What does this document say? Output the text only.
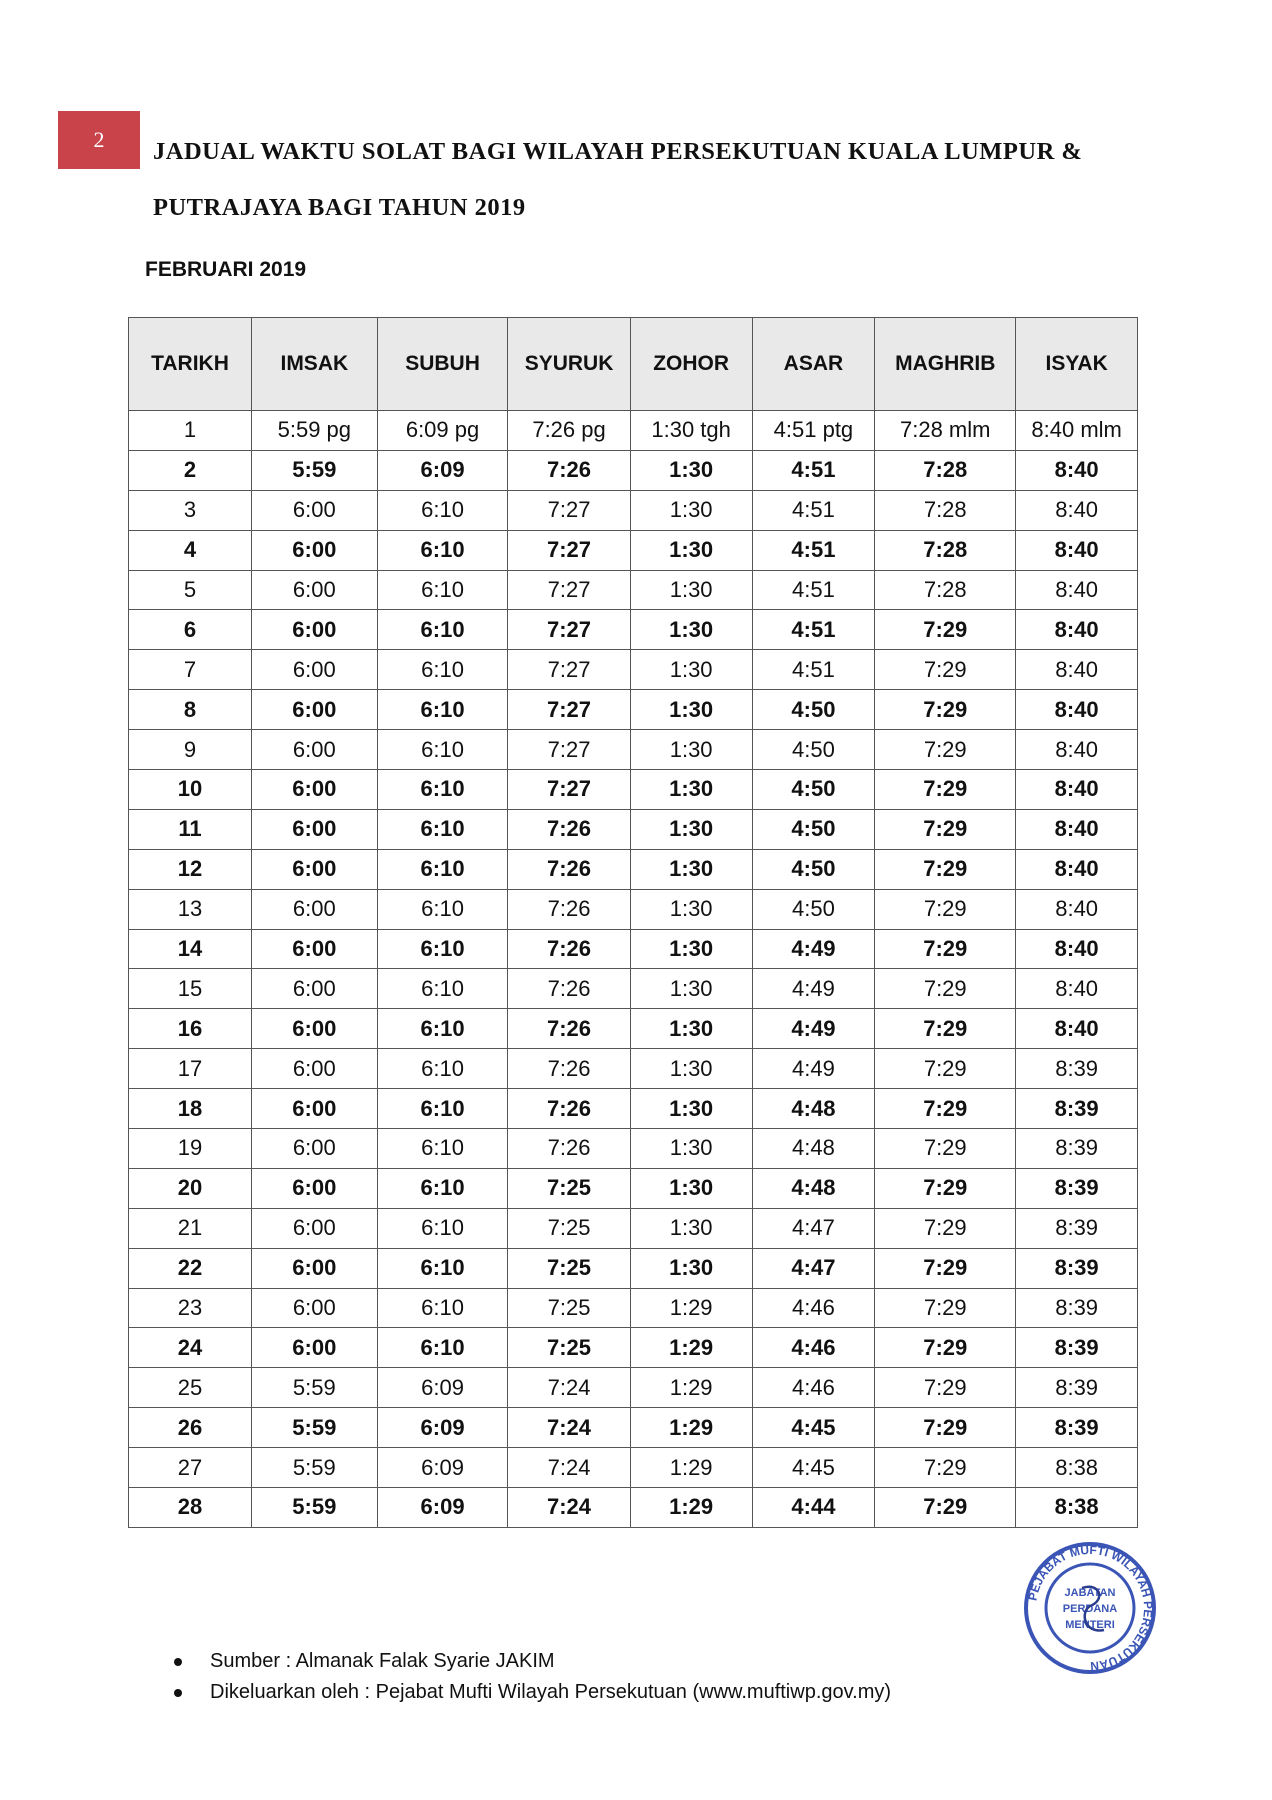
2	JADUAL WAKTU SOLAT BAGI WILAYAH PERSEKUTUAN KUALA LUMPUR & PUTRAJAYA BAGI TAHUN 2019
FEBRUARI 2019
TARIKH	IMSAK	SUBUH	SYURUK	ZOHOR	ASAR	MAGHRIB	ISYAK
1	5:59 pg	6:09 pg	7:26 pg	1:30 tgh	4:51 ptg	7:28 mlm	8:40 mlm
2	5:59	6:09	7:26	1:30	4:51	7:28	8:40
3	6:00	6:10	7:27	1:30	4:51	7:28	8:40
4	6:00	6:10	7:27	1:30	4:51	7:28	8:40
5	6:00	6:10	7:27	1:30	4:51	7:28	8:40
6	6:00	6:10	7:27	1:30	4:51	7:29	8:40
7	6:00	6:10	7:27	1:30	4:51	7:29	8:40
8	6:00	6:10	7:27	1:30	4:50	7:29	8:40
9	6:00	6:10	7:27	1:30	4:50	7:29	8:40
10	6:00	6:10	7:27	1:30	4:50	7:29	8:40
11	6:00	6:10	7:26	1:30	4:50	7:29	8:40
12	6:00	6:10	7:26	1:30	4:50	7:29	8:40
13	6:00	6:10	7:26	1:30	4:50	7:29	8:40
14	6:00	6:10	7:26	1:30	4:49	7:29	8:40
15	6:00	6:10	7:26	1:30	4:49	7:29	8:40
16	6:00	6:10	7:26	1:30	4:49	7:29	8:40
17	6:00	6:10	7:26	1:30	4:49	7:29	8:39
18	6:00	6:10	7:26	1:30	4:48	7:29	8:39
19	6:00	6:10	7:26	1:30	4:48	7:29	8:39
20	6:00	6:10	7:25	1:30	4:48	7:29	8:39
21	6:00	6:10	7:25	1:30	4:47	7:29	8:39
22	6:00	6:10	7:25	1:30	4:47	7:29	8:39
23	6:00	6:10	7:25	1:29	4:46	7:29	8:39
24	6:00	6:10	7:25	1:29	4:46	7:29	8:39
25	5:59	6:09	7:24	1:29	4:46	7:29	8:39
26	5:59	6:09	7:24	1:29	4:45	7:29	8:39
27	5:59	6:09	7:24	1:29	4:45	7:29	8:38
28	5:59	6:09	7:24	1:29	4:44	7:29	8:38
PEJABAT MUFTI WILAYAH PERSEKUTUAN
JABATAN
PERDANA
MENTERI
Sumber : Almanak Falak Syarie JAKIM
Dikeluarkan oleh : Pejabat Mufti Wilayah Persekutuan (www.muftiwp.gov.my)
